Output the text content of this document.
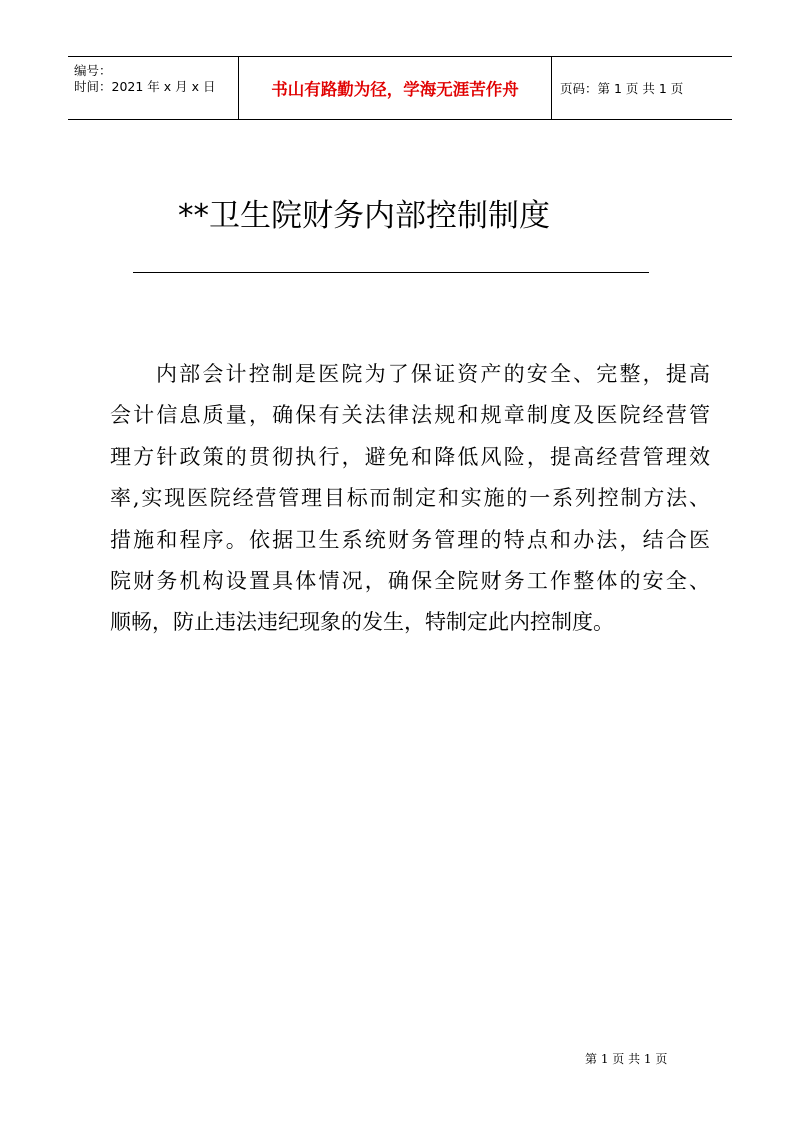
编号：
时间：2021 年 x 月 x 日	书山有路勤为径，学海无涯苦作舟	页码：第 1 页 共 1 页
**卫生院财务内部控制制度
内部会计控制是医院为了保证资产的安全、完整，提高
会计信息质量，确保有关法律法规和规章制度及医院经营管
理方针政策的贯彻执行，避免和降低风险，提高经营管理效
率,实现医院经营管理目标而制定和实施的一系列控制方法、
措施和程序。依据卫生系统财务管理的特点和办法，结合医
院财务机构设置具体情况，确保全院财务工作整体的安全、
顺畅，防止违法违纪现象的发生，特制定此内控制度。
第 1 页 共 1 页
